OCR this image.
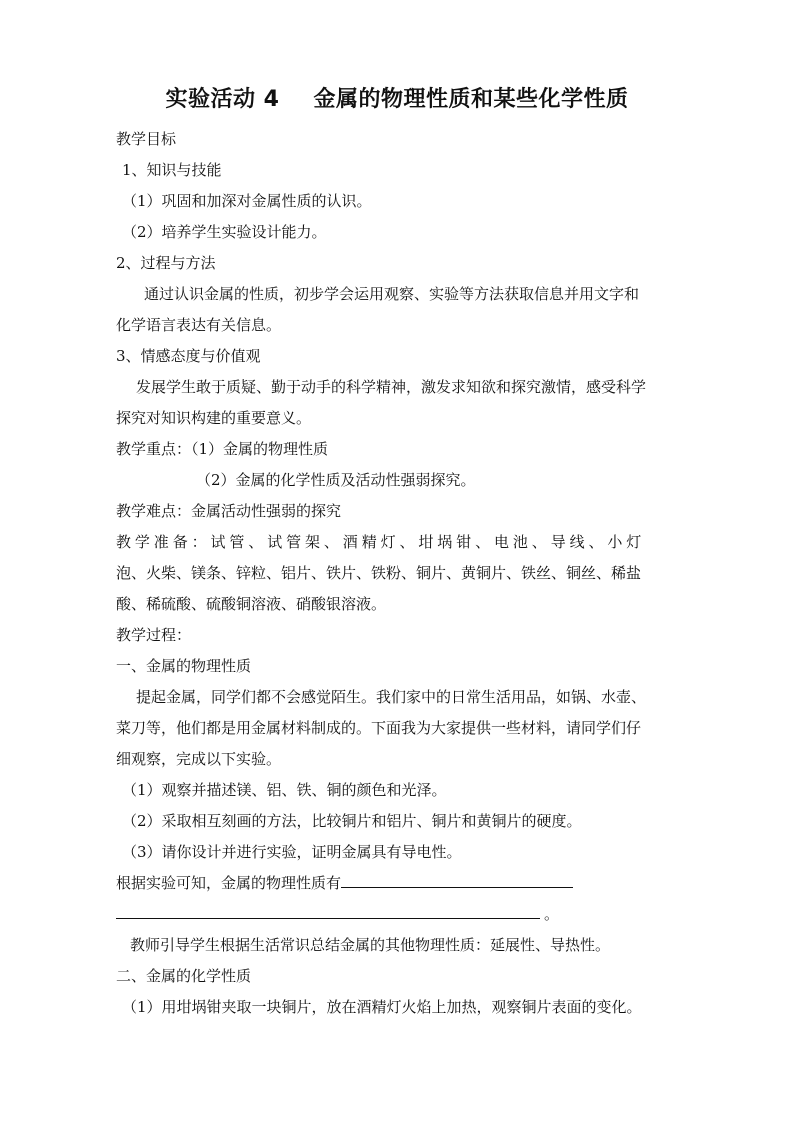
实验活动 4 金属的物理性质和某些化学性质
教学目标
1、知识与技能
（1）巩固和加深对金属性质的认识。
（2）培养学生实验设计能力。
2、过程与方法
通过认识金属的性质，初步学会运用观察、实验等方法获取信息并用文字和
化学语言表达有关信息。
3、情感态度与价值观
发展学生敢于质疑、勤于动手的科学精神，激发求知欲和探究激情，感受科学
探究对知识构建的重要意义。
教学重点：（1）金属的物理性质
（2）金属的化学性质及活动性强弱探究。
教学难点：金属活动性强弱的探究
教学准备：试管、试管架、酒精灯、坩埚钳、电池、导线、小灯
泡、火柴、镁条、锌粒、铝片、铁片、铁粉、铜片、黄铜片、铁丝、铜丝、稀盐
酸、稀硫酸、硫酸铜溶液、硝酸银溶液。
教学过程：
一、金属的物理性质
提起金属，同学们都不会感觉陌生。我们家中的日常生活用品，如锅、水壶、
菜刀等，他们都是用金属材料制成的。下面我为大家提供一些材料，请同学们仔
细观察，完成以下实验。
（1）观察并描述镁、铝、铁、铜的颜色和光泽。
（2）采取相互刻画的方法，比较铜片和铝片、铜片和黄铜片的硬度。
（3）请你设计并进行实验，证明金属具有导电性。
根据实验可知，金属的物理性质有
。
教师引导学生根据生活常识总结金属的其他物理性质：延展性、导热性。
二、金属的化学性质
（1）用坩埚钳夹取一块铜片，放在酒精灯火焰上加热，观察铜片表面的变化。
